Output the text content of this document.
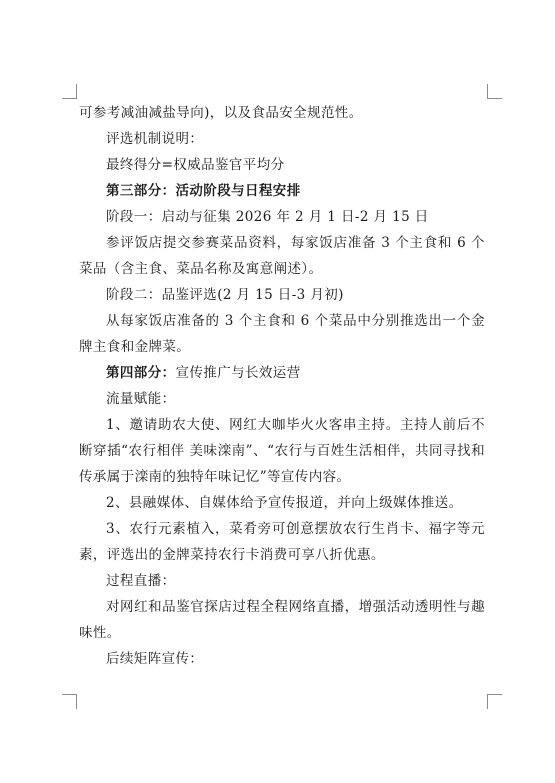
可参考减油减盐导向)，以及食品安全规范性。

评选机制说明：

最终得分=权威品鉴官平均分

第三部分：活动阶段与日程安排

阶段一：启动与征集 2026 年 2 月 1 日-2 月 15 日

参评饭店提交参赛菜品资料，每家饭店准备 3 个主食和 6 个菜品（含主食、菜品名称及寓意阐述）。

阶段二：品鉴评选(2 月 15 日-3 月初)

从每家饭店准备的 3 个主食和 6 个菜品中分别推选出一个金牌主食和金牌菜。

第四部分：宣传推广与长效运营

流量赋能：

1、邀请助农大使、网红大咖毕火火客串主持。主持人前后不断穿插“农行相伴 美味滦南”、“农行与百姓生活相伴，共同寻找和传承属于滦南的独特年味记忆”等宣传内容。

2、县融媒体、自媒体给予宣传报道，并向上级媒体推送。

3、农行元素植入，菜肴旁可创意摆放农行生肖卡、福字等元素，评选出的金牌菜持农行卡消费可享八折优惠。

过程直播：

对网红和品鉴官探店过程全程网络直播，增强活动透明性与趣味性。

后续矩阵宣传：
